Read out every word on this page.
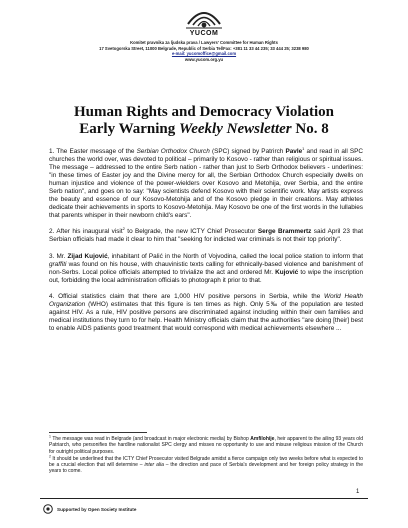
YUCOM
Komitet pravnika za ljudska prava / Lawyers' Committee for Human Rights
17 Svetogorska Street, 11000 Belgrade, Republic of Serbia Tel/Fax: +381 11 33 44 235; 33 444 25; 3238 980
e-mail: yucomoffice@gmail.com
www.yucom.org.yu
Human Rights and Democracy Violation
Early Warning Weekly Newsletter No. 8

1. The Easter message of the Serbian Orthodox Church (SPC) signed by Patrirch Pavle$^1$ and read in all SPC churches the world over, was devoted to political – primarily to Kosovo - rather than religious or spiritual issues. The message – addressed to the entire Serb nation - rather than just to Serb Orthodox believers - underlines: "in these times of Easter joy and the Divine mercy for all, the Serbian Orthodox Church especially dwells on human injustice and violence of the power-wielders over Kosovo and Metohija, over Serbia, and the entire Serb nation", and goes on to say: "May scientists defend Kosovo with their scientific work. May artists express the beauty and essence of our Kosovo-Metohija and of the Kosovo pledge in their creations. May athletes dedicate their achievements in sports to Kosovo-Metohija. May Kosovo be one of the first words in the lullabies that parents whisper in their newborn child's ears".

2. After his inaugural visit$^2$ to Belgrade, the new ICTY Chief Prosecutor Serge Brammertz said April 23 that Serbian officials had made it clear to him that "seeking for indicted war criminals is not their top priority".

3. Mr. Zijad Kujović, inhabitant of Palić in the North of Vojvodina, called the local police station to inform that graffiti was found on his house, with chauvinistic texts calling for ethnically-based violence and banishment of non-Serbs. Local police officials attempted to trivialize the act and ordered Mr. Kujović to wipe the inscription out, forbidding the local administration officials to photograph it prior to that.

4. Official statistics claim that there are 1,000 HIV positive persons in Serbia, while the World Health Organization (WHO) estimates that this figure is ten times as high. Only 5‰ of the population are tested against HIV. As a rule, HIV positive persons are discriminated against including within their own families and medical institutions they turn to for help. Health Ministry officials claim that the authorities "are doing [their] best to enable AIDS patients good treatment that would correspond with medical achievements elsewhere ...

$^1$ The message was read in Belgrade (and broadcast in major electronic media) by Bishop Amfilohije, heir apparent to the ailing 93 years old Patriarch, who personifies the hardline nationalist SPC clergy and misses no opportunity to use and misuse religious mission of the Church for outright political purposes.

$^2$ It should be underlined that the ICTY Chief Prosecutor visited Belgrade amidst a fierce campaign only two weeks before what is expected to be a crucial election that will determine – inter alia – the direction and pace of Serbia's development and her foreign policy strategy in the years to come.

1
Supported by Open Society Institute
